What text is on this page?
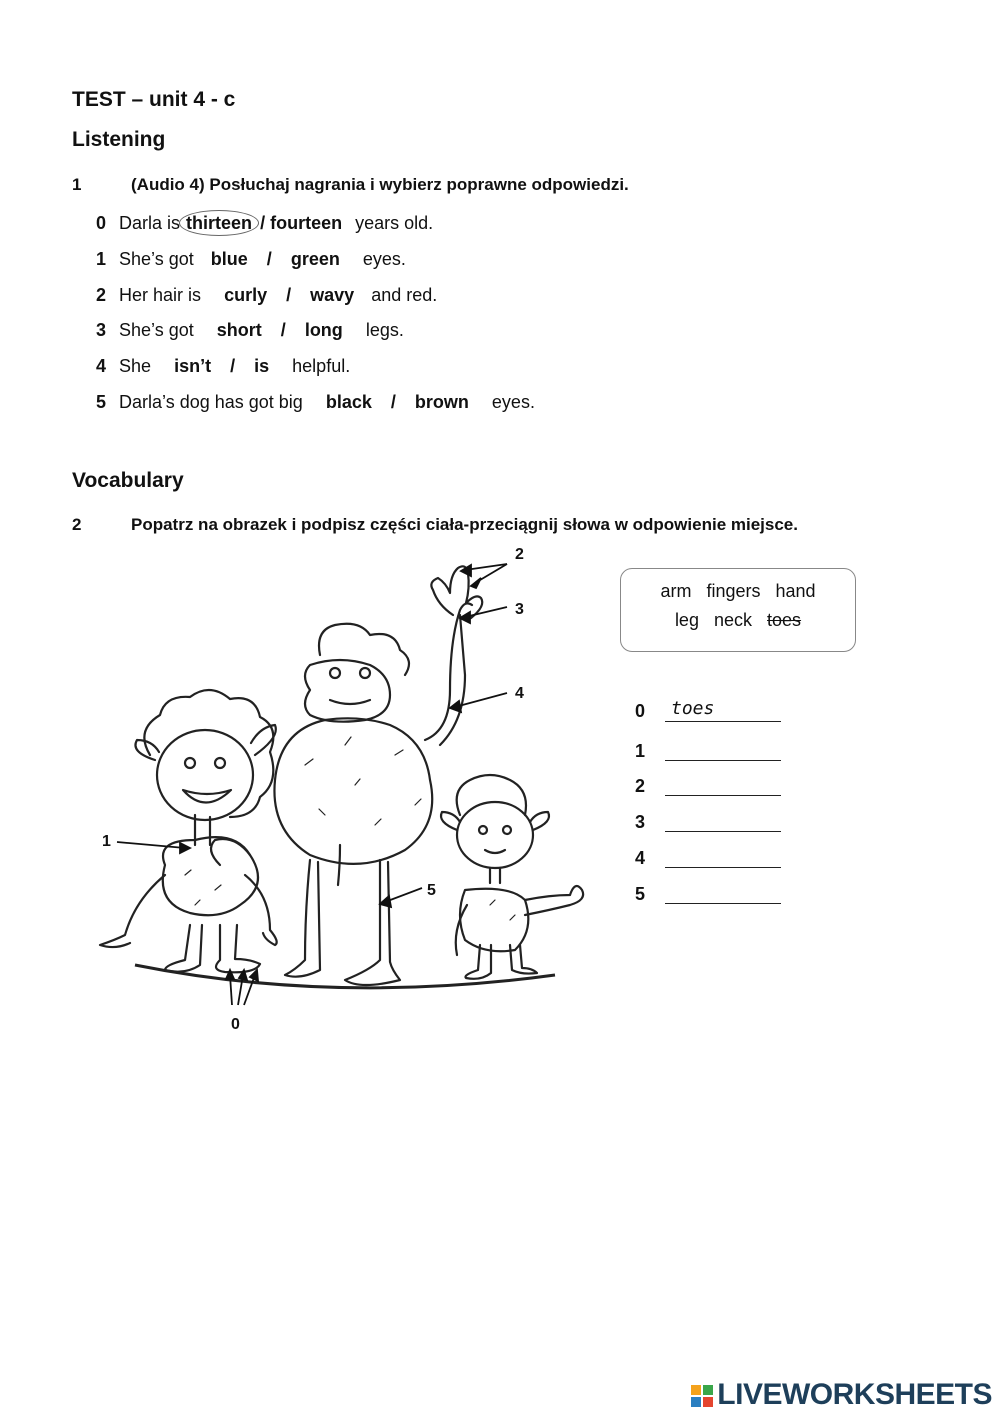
TEST – unit 4 - c
Listening
1	(Audio 4) Posłuchaj nagrania i wybierz poprawne odpowiedzi.
0 Darla is thirteen / fourteen years old.
1 She’s got blue / green eyes.
2 Her hair is curly / wavy and red.
3 She’s got short / long legs.
4 She isn’t / is helpful.
5 Darla’s dog has got big black / brown eyes.
Vocabulary
2	Popatrz na obrazek i podpisz części ciała-przeciągnij słowa w odpowienie miejsce.
arm fingers hand
leg neck toes
0	toes
1
2
3
4
5
1
2
3
4
5
0
LIVEWORKSHEETS
